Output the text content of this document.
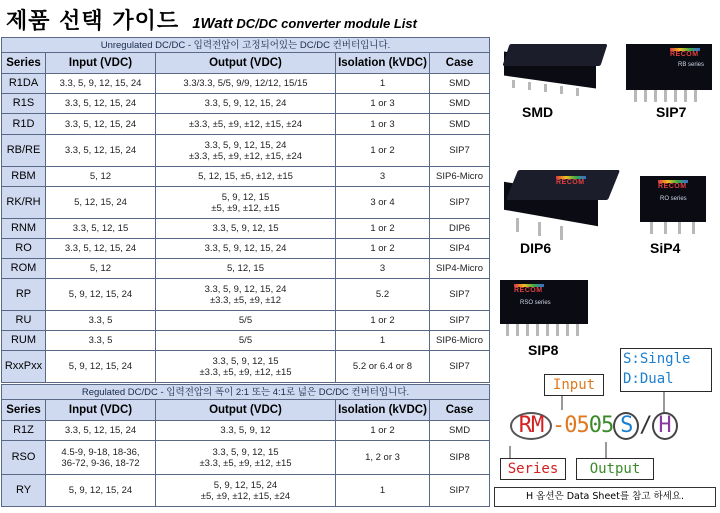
제품 선택 가이드 1Watt DC/DC converter module List
Unregulated DC/DC - 입력전압이 고정되어있는 DC/DC 컨버터입니다.				
Series	Input (VDC)	Output (VDC)	Isolation (kVDC)	Case
R1DA	3.3, 5, 9, 12, 15, 24	3.3/3.3, 5/5, 9/9, 12/12, 15/15	1	SMD
R1S	3.3, 5, 12, 15, 24	3.3, 5, 9, 12, 15, 24	1 or 3	SMD
R1D	3.3, 5, 12, 15, 24	±3.3, ±5, ±9, ±12, ±15, ±24	1 or 3	SMD
RB/RE	3.3, 5, 12, 15, 24	3.3, 5, 9, 12, 15, 24
±3.3, ±5, ±9, ±12, ±15, ±24	1 or 2	SIP7
RBM	5, 12	5, 12, 15, ±5, ±12, ±15	3	SIP6-Micro
RK/RH	5, 12, 15, 24	5, 9, 12, 15
±5, ±9, ±12, ±15	3 or 4	SIP7
RNM	3.3, 5, 12, 15	3.3, 5, 9, 12, 15	1 or 2	DIP6
RO	3.3, 5, 12, 15, 24	3.3, 5, 9, 12, 15, 24	1 or 2	SIP4
ROM	5, 12	5, 12, 15	3	SIP4-Micro
RP	5, 9, 12, 15, 24	3.3, 5, 9, 12, 15, 24
±3.3, ±5, ±9, ±12	5.2	SIP7
RU	3.3, 5	5/5	1 or 2	SIP7
RUM	3.3, 5	5/5	1	SIP6-Micro
RxxPxx	5, 9, 12, 15, 24	3.3, 5, 9, 12, 15
±3.3, ±5, ±9, ±12, ±15	5.2 or 6.4 or 8	SIP7
Regulated DC/DC - 입력전압의 폭이 2:1 또는 4:1로 넓은 DC/DC 컨버터입니다.				
Series	Input (VDC)	Output (VDC)	Isolation (kVDC)	Case
R1Z	3.3, 5, 12, 15, 24	3.3, 5, 9, 12	1 or 2	SMD
RSO	4.5-9, 9-18, 18-36,
36-72, 9-36, 18-72	3.3, 5, 9, 12, 15
±3.3, ±5, ±9, ±12, ±15	1, 2 or 3	SIP8
RY	5, 9, 12, 15, 24	5, 9, 12, 15, 24
±5, ±9, ±12, ±15, ±24	1	SIP7
SMD
RECOM
RB series
SIP7
RECOM
DIP6
RECOM
RO series
SiP4
RECOM
RSO series
SIP8
S:Single
D:Dual
Input
RM -0505 S / H
Series	Output
H 옵션은 Data Sheet를 참고 하세요.
